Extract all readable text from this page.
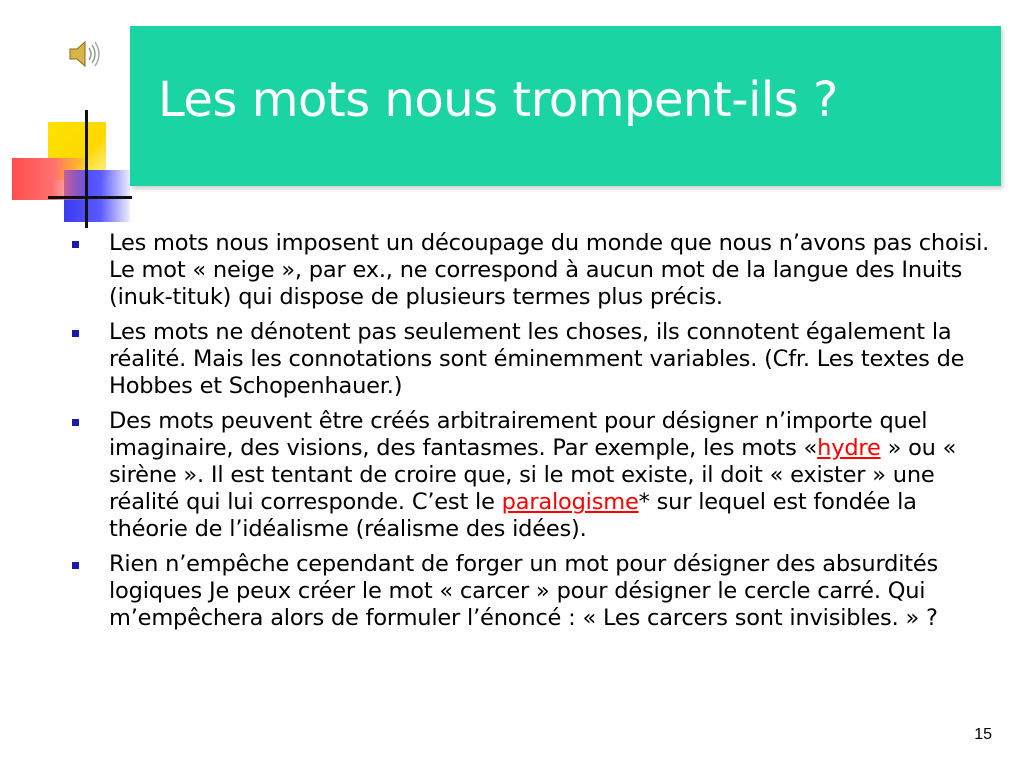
Les mots nous trompent-ils ?
Les mots nous imposent un découpage du monde que nous n’avons pas choisi. Le mot « neige », par ex., ne correspond à aucun mot de la langue des Inuits (inuk-tituk) qui dispose de plusieurs termes plus précis.
Les mots ne dénotent pas seulement les choses, ils connotent également la réalité. Mais les connotations sont éminemment variables. (Cfr. Les textes de Hobbes et Schopenhauer.)
Des mots peuvent être créés arbitrairement pour désigner n’importe quel imaginaire, des visions, des fantasmes. Par exemple, les mots «hydre » ou « sirène ». Il est tentant de croire que, si le mot existe, il doit « exister » une réalité qui lui corresponde. C’est le paralogisme* sur lequel est fondée la théorie de l’idéalisme (réalisme des idées).
Rien n’empêche cependant de forger un mot pour désigner des absurdités logiques Je peux créer le mot « carcer » pour désigner le cercle carré. Qui m’empêchera alors de formuler l’énoncé : « Les carcers sont invisibles. » ?
15
